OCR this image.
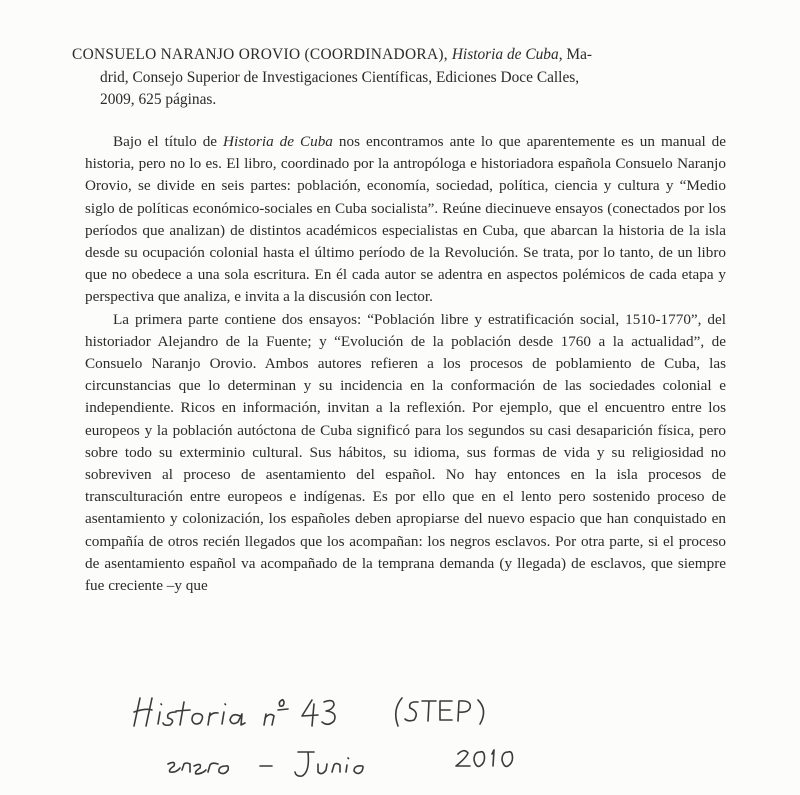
CONSUELO NARANJO OROVIO (COORDINADORA), Historia de Cuba, Ma-
drid, Consejo Superior de Investigaciones Científicas, Ediciones Doce Calles,
2009, 625 páginas.

Bajo el título de Historia de Cuba nos encontramos ante lo que aparentemente es un manual de historia, pero no lo es. El libro, coordinado por la antropóloga e historiadora española Consuelo Naranjo Orovio, se divide en seis partes: población, economía, sociedad, política, ciencia y cultura y “Medio siglo de políticas económico-sociales en Cuba socialista”. Reúne diecinueve ensayos (conectados por los períodos que analizan) de distintos académicos especialistas en Cuba, que abarcan la historia de la isla desde su ocupación colonial hasta el último período de la Revolución. Se trata, por lo tanto, de un libro que no obedece a una sola escritura. En él cada autor se adentra en aspectos polémicos de cada etapa y perspectiva que analiza, e invita a la discusión con lector.

La primera parte contiene dos ensayos: “Población libre y estratificación social, 1510-1770”, del historiador Alejandro de la Fuente; y “Evolución de la población desde 1760 a la actualidad”, de Consuelo Naranjo Orovio. Ambos autores refieren a los procesos de poblamiento de Cuba, las circunstancias que lo determinan y su incidencia en la conformación de las sociedades colonial e independiente. Ricos en información, invitan a la reflexión. Por ejemplo, que el encuentro entre los europeos y la población autóctona de Cuba significó para los segundos su casi desaparición física, pero sobre todo su exterminio cultural. Sus hábitos, su idioma, sus formas de vida y su religiosidad no sobreviven al proceso de asentamiento del español. No hay entonces en la isla procesos de transculturación entre europeos e indígenas. Es por ello que en el lento pero sostenido proceso de asentamiento y colonización, los españoles deben apropiarse del nuevo espacio que han conquistado en compañía de otros recién llegados que los acompañan: los negros esclavos. Por otra parte, si el proceso de asentamiento español va acompañado de la temprana demanda (y llegada) de esclavos, que siempre fue creciente –y que
